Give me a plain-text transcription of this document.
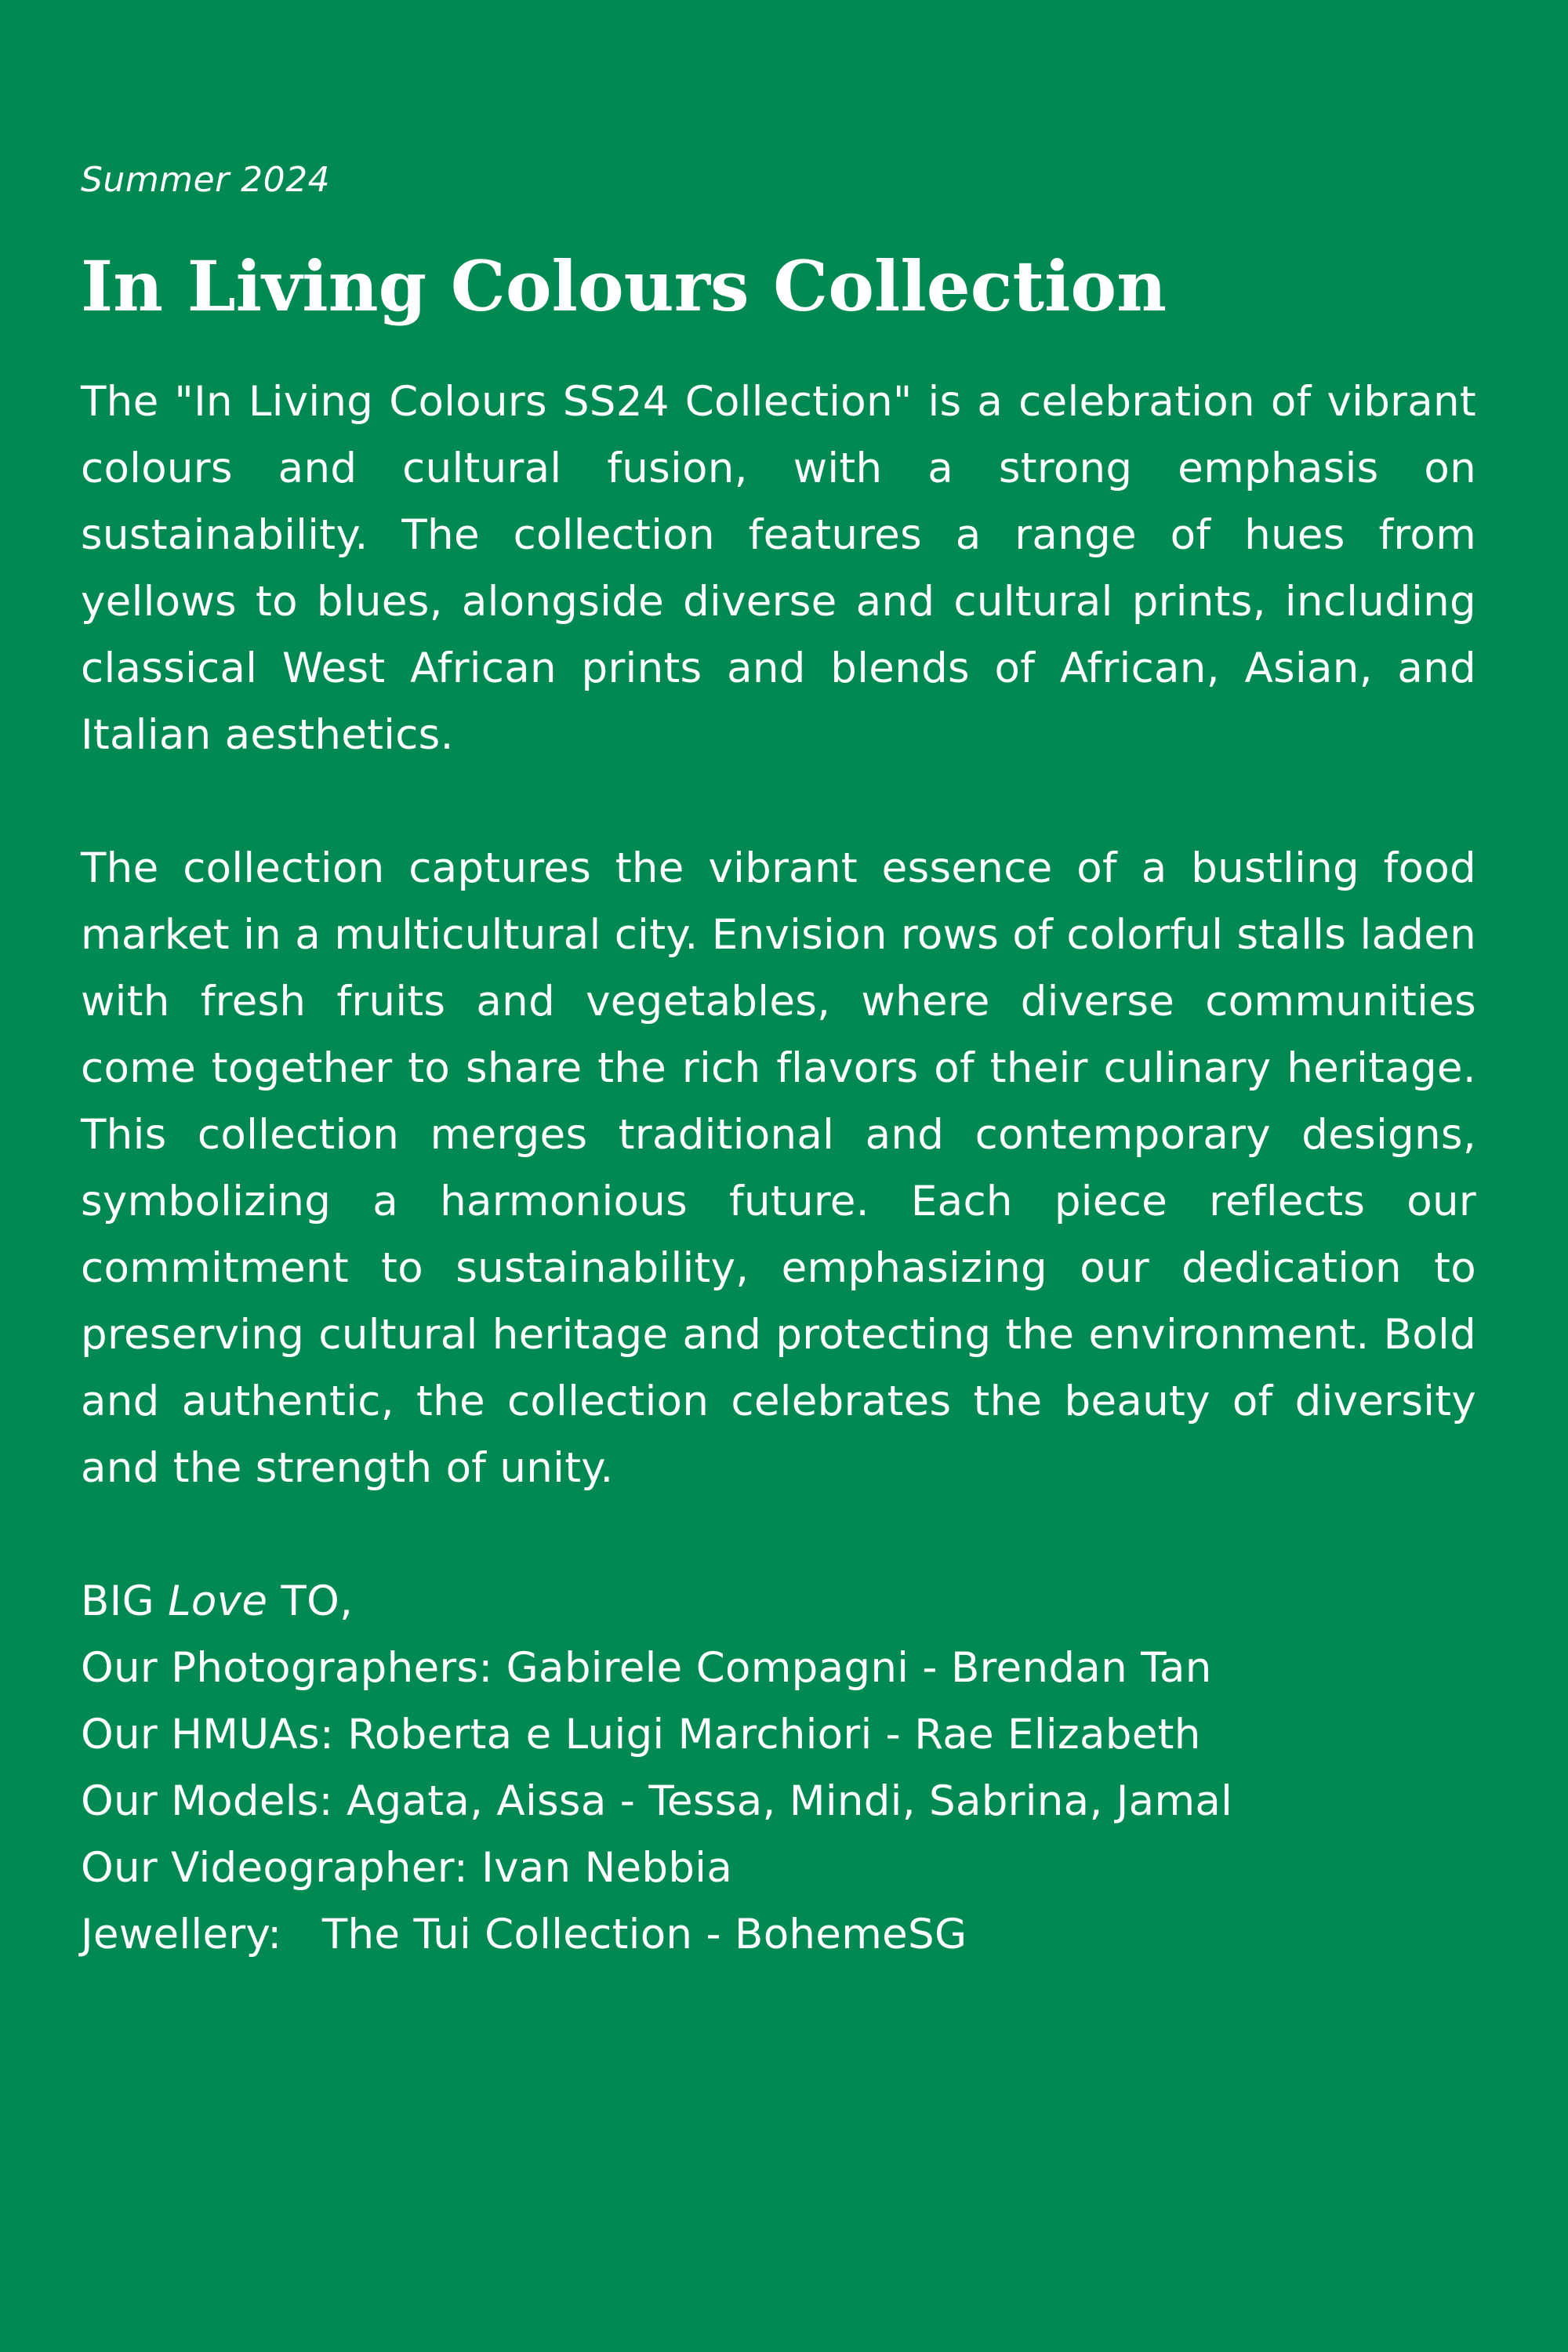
Summer 2024

In Living Colours Collection

The "In Living Colours SS24 Collection" is a celebration of vibrant colours and cultural fusion, with a strong emphasis on sustainability. The collection features a range of hues from yellows to blues, alongside diverse and cultural prints, including classical West African prints and blends of African, Asian, and Italian aesthetics.

The collection captures the vibrant essence of a bustling food market in a multicultural city. Envision rows of colorful stalls laden with fresh fruits and vegetables, where diverse communities come together to share the rich flavors of their culinary heritage. This collection merges traditional and contemporary designs, symbolizing a harmonious future. Each piece reflects our commitment to sustainability, emphasizing our dedication to preserving cultural heritage and protecting the environment. Bold and authentic, the collection celebrates the beauty of diversity and the strength of unity.

BIG Love TO,

Our Photographers: Gabirele Compagni - Brendan Tan

Our HMUAs: Roberta e Luigi Marchiori - Rae Elizabeth

Our Models: Agata, Aissa - Tessa, Mindi, Sabrina, Jamal

Our Videographer: Ivan Nebbia

Jewellery:   The Tui Collection - BohemeSG
